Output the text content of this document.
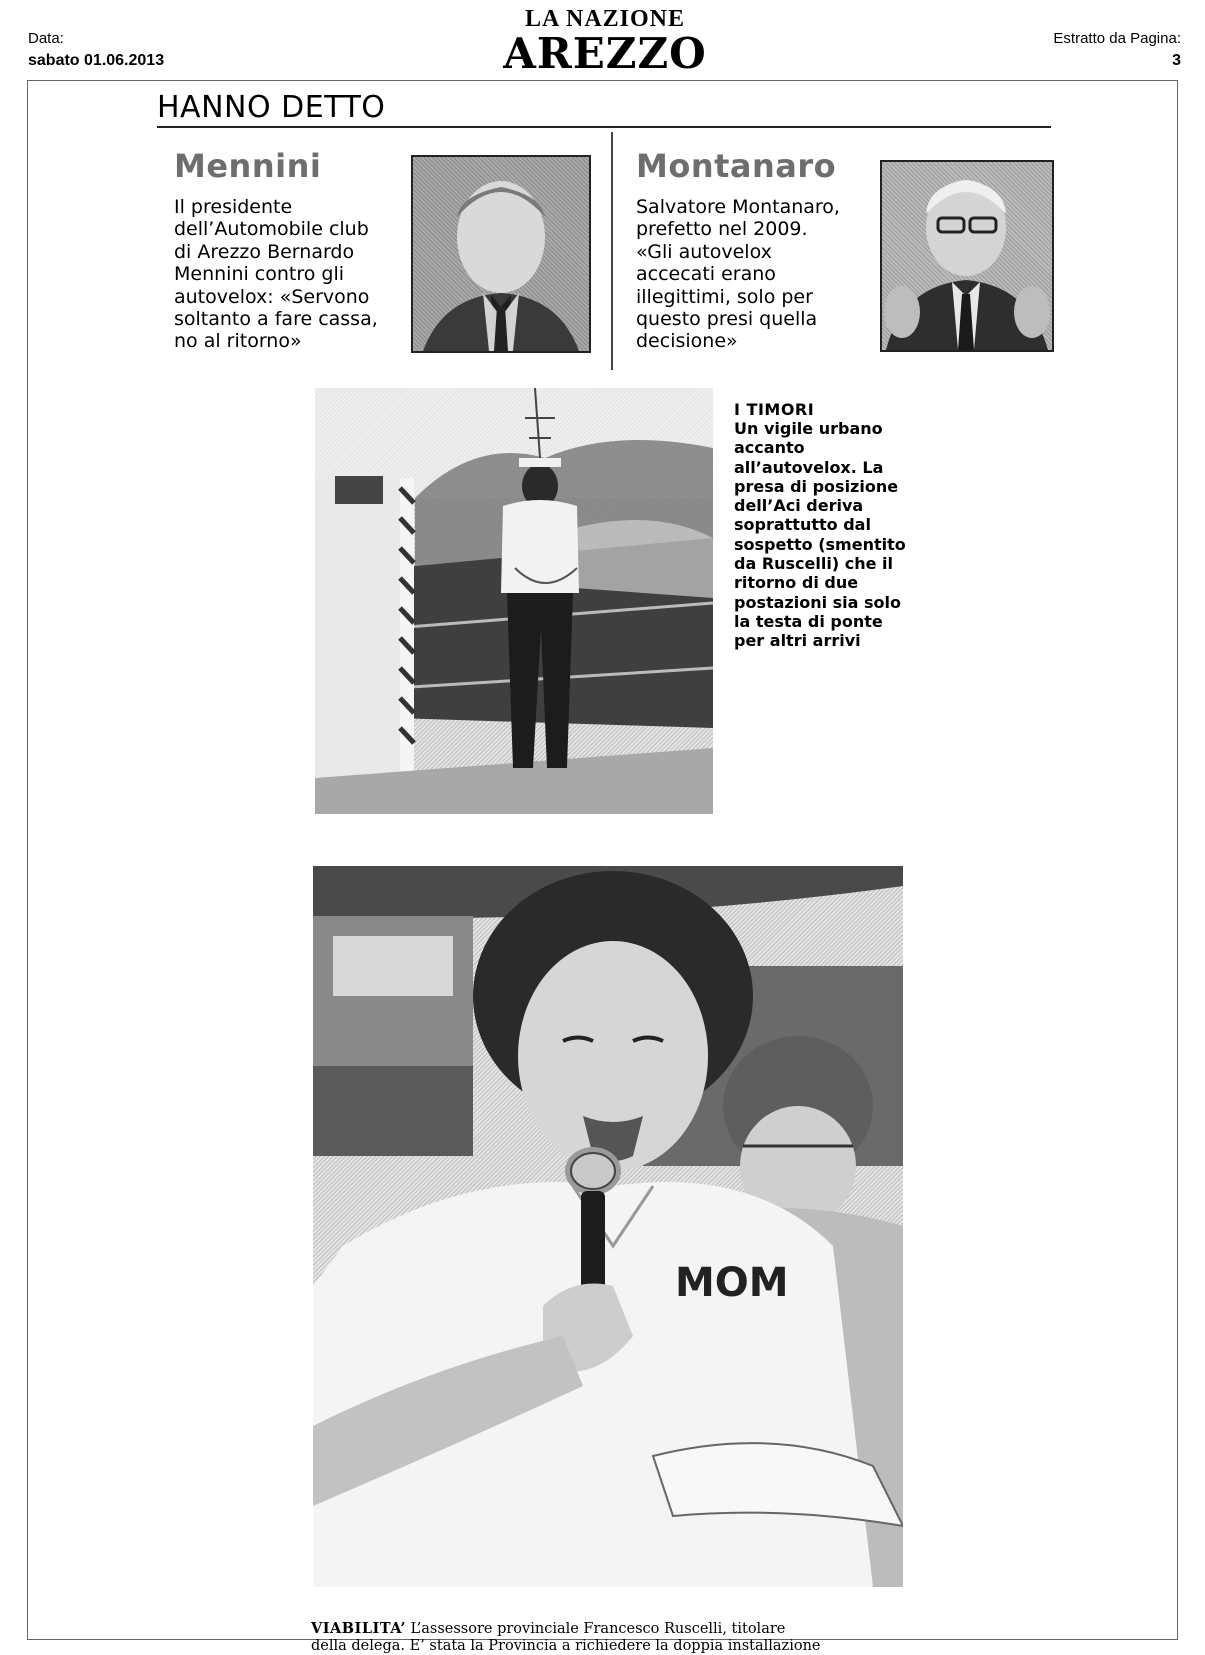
Data:
sabato 01.06.2013
LA NAZIONE
AREZZO	Estratto da Pagina:
3
HANNO DETTO
Mennini
Il presidente
dell’Automobile club
di Arezzo Bernardo
Mennini contro gli
autovelox: «Servono
soltanto a fare cassa,
no al ritorno»
Montanaro
Salvatore Montanaro,
prefetto nel 2009.
«Gli autovelox
accecati erano
illegittimi, solo per
questo presi quella
decisione»
I TIMORI
Un vigile urbano
accanto
all’autovelox. La
presa di posizione
dell’Aci deriva
soprattutto dal
sospetto (smentito
da Ruscelli) che il
ritorno di due
postazioni sia solo
la testa di ponte
per altri arrivi
MOM
VIABILITA’ L’assessore provinciale Francesco Ruscelli, titolare
della delega. E’ stata la Provincia a richiedere la doppia installazione
